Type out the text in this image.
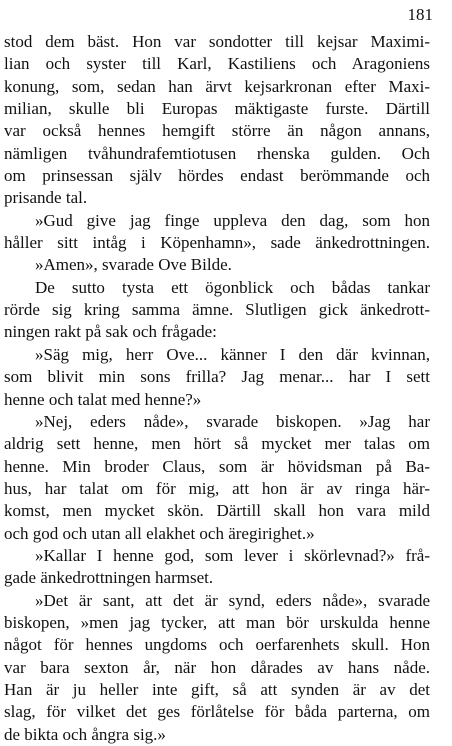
181
stod dem bäst. Hon var sondotter till kejsar Maximi-
lian och syster till Karl, Kastiliens och Aragoniens
konung, som, sedan han ärvt kejsarkronan efter Maxi-
milian, skulle bli Europas mäktigaste furste. Därtill
var också hennes hemgift större än någon annans,
nämligen tvåhundrafemtiotusen rhenska gulden. Och
om prinsessan själv hördes endast berömmande och
prisande tal.
»Gud give jag finge uppleva den dag, som hon
håller sitt intåg i Köpenhamn», sade änkedrottningen.
»Amen», svarade Ove Bilde.
De sutto tysta ett ögonblick och bådas tankar
rörde sig kring samma ämne. Slutligen gick änkedrott-
ningen rakt på sak och frågade:
»Säg mig, herr Ove... känner I den där kvinnan,
som blivit min sons frilla? Jag menar... har I sett
henne och talat med henne?»
»Nej, eders nåde», svarade biskopen. »Jag har
aldrig sett henne, men hört så mycket mer talas om
henne. Min broder Claus, som är hövidsman på Ba-
hus, har talat om för mig, att hon är av ringa här-
komst, men mycket skön. Därtill skall hon vara mild
och god och utan all elakhet och äregirighet.»
»Kallar I henne god, som lever i skörlevnad?» frå-
gade änkedrottningen harmset.
»Det är sant, att det är synd, eders nåde», svarade
biskopen, »men jag tycker, att man bör urskulda henne
något för hennes ungdoms och oerfarenhets skull. Hon
var bara sexton år, när hon dårades av hans nåde.
Han är ju heller inte gift, så att synden är av det
slag, för vilket det ges förlåtelse för båda parterna, om
de bikta och ångra sig.»
